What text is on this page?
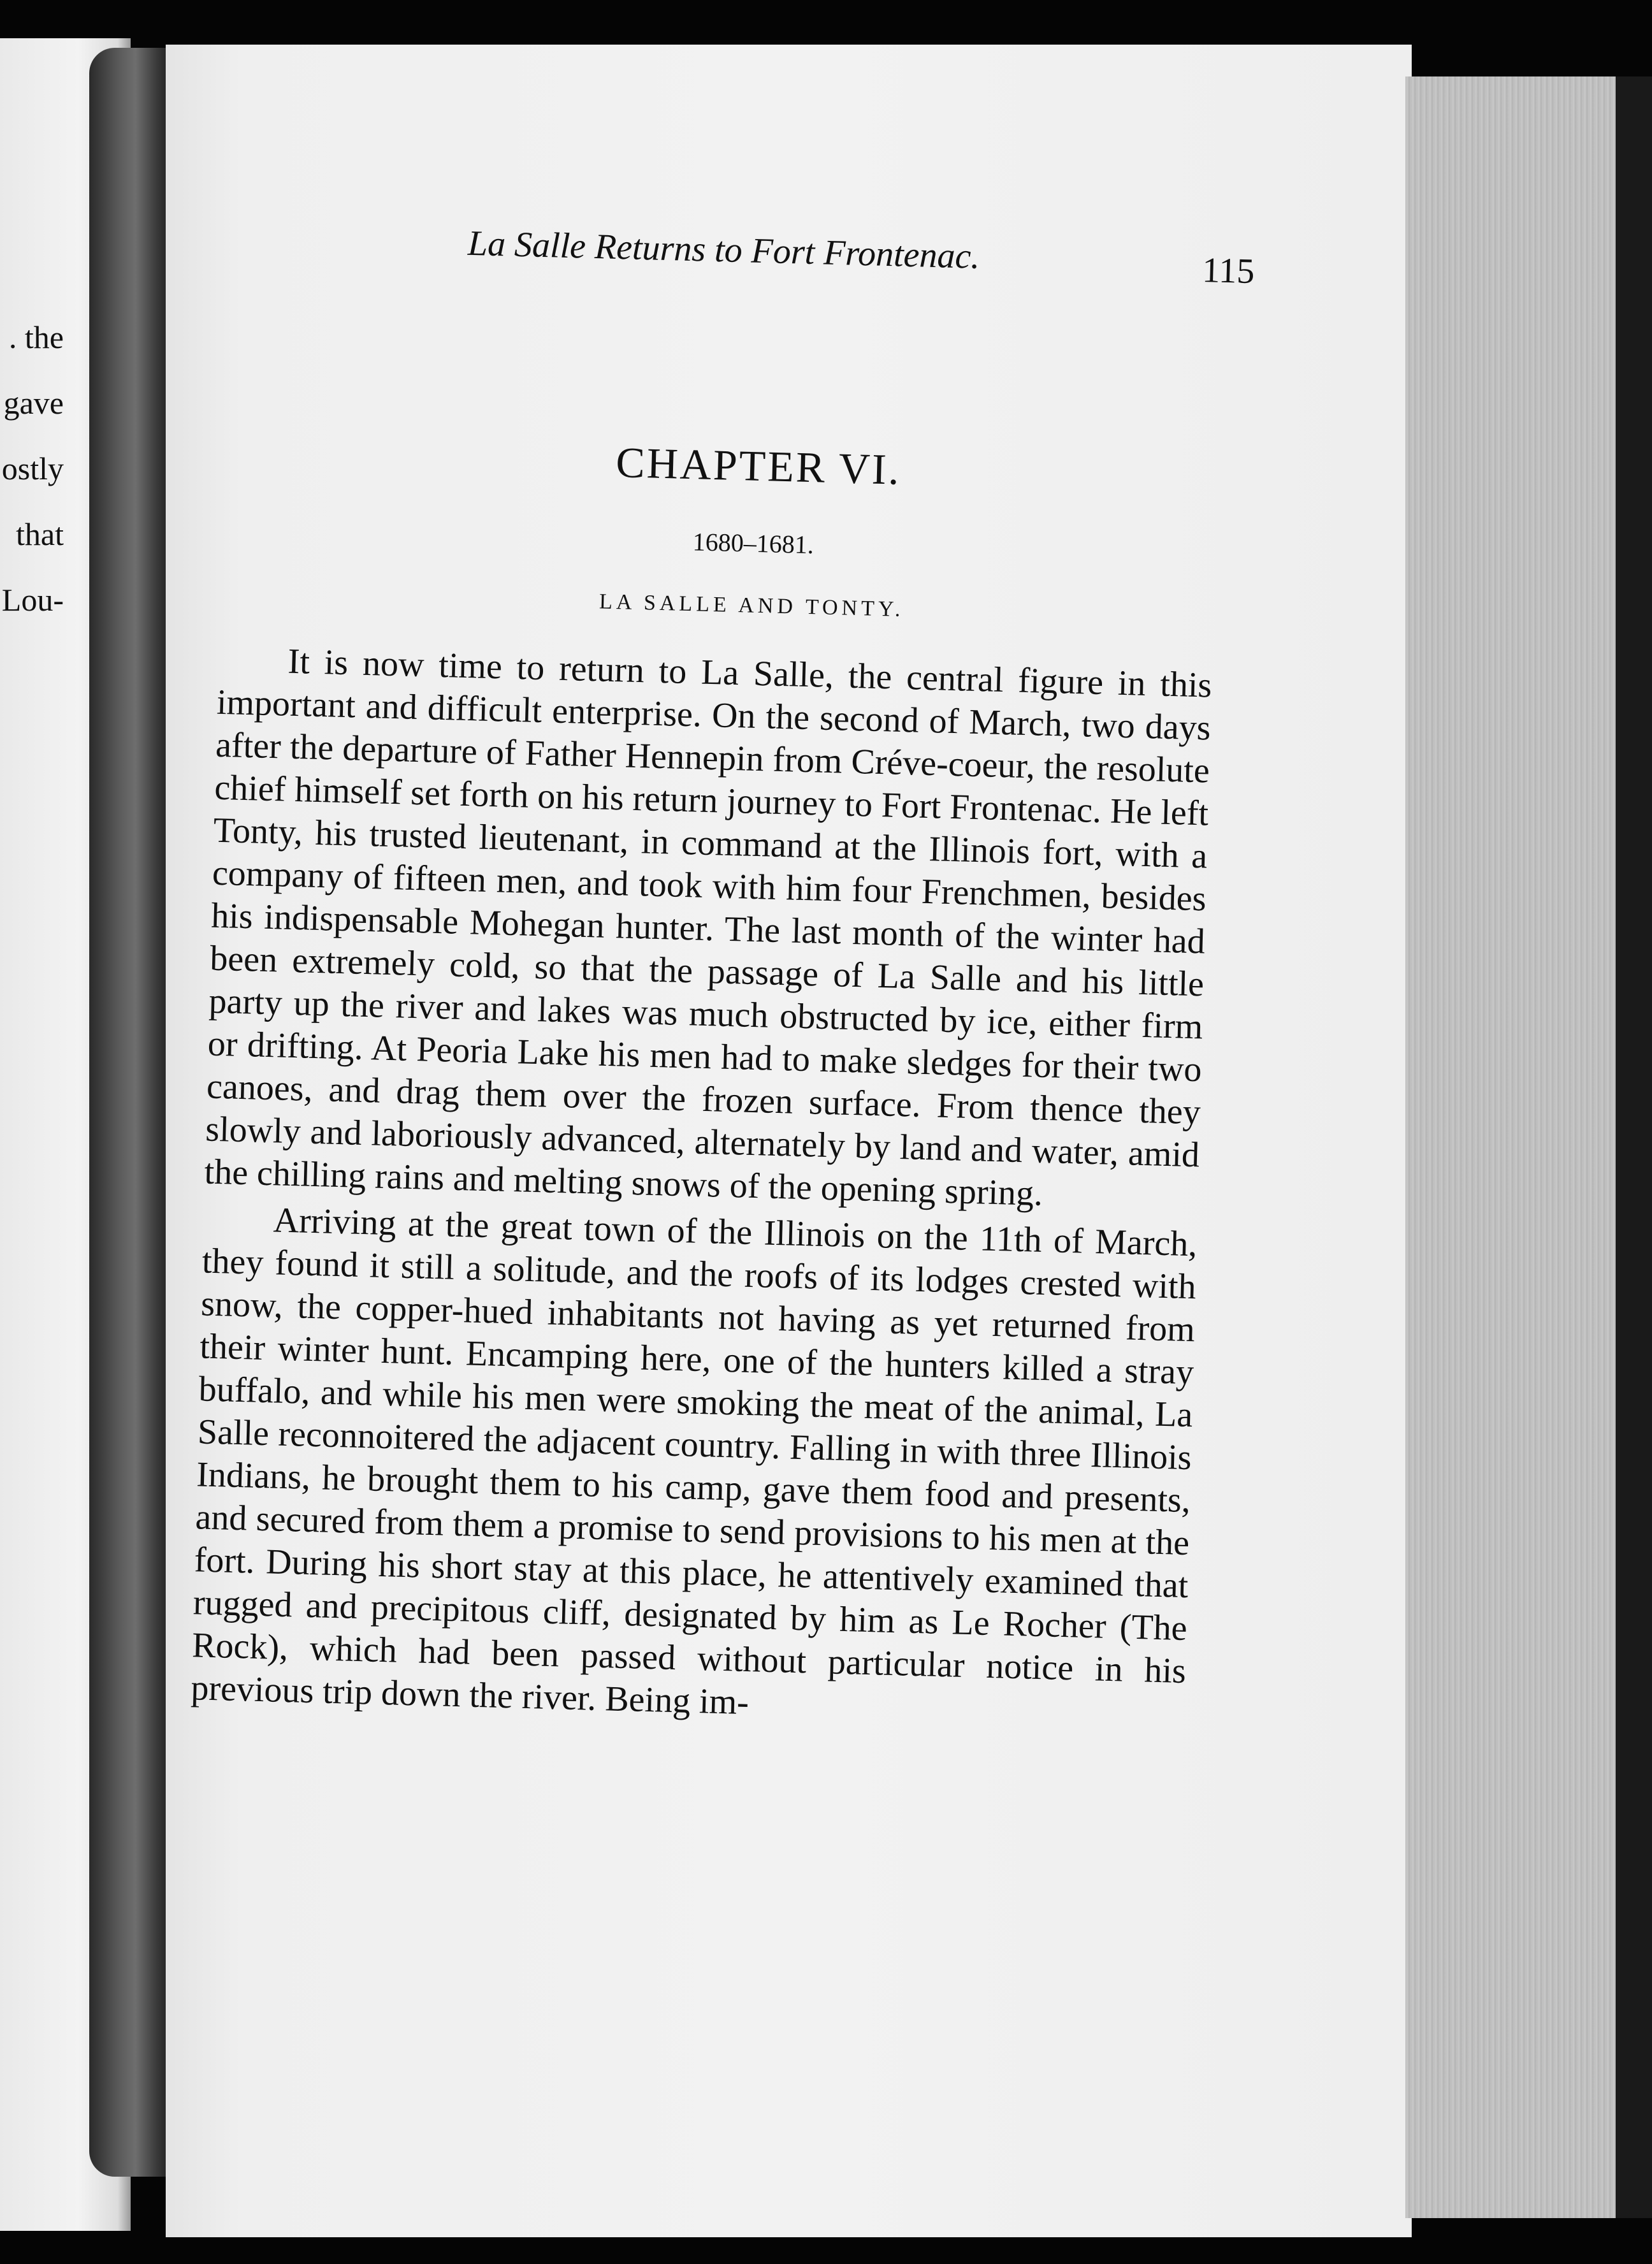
. the
gave
ostly
that
Lou-
La Salle Returns to Fort Frontenac.	115
CHAPTER VI.
1680–1681.
LA SALLE AND TONTY.

It is now time to return to La Salle, the central figure in this important and difficult enterprise. On the second of March, two days after the departure of Father Hennepin from Créve-coeur, the resolute chief himself set forth on his return journey to Fort Frontenac. He left Tonty, his trusted lieutenant, in command at the Illinois fort, with a company of fifteen men, and took with him four Frenchmen, besides his indispensable Mohegan hunter. The last month of the winter had been extremely cold, so that the passage of La Salle and his little party up the river and lakes was much obstructed by ice, either firm or drifting. At Peoria Lake his men had to make sledges for their two canoes, and drag them over the frozen surface. From thence they slowly and laboriously advanced, alternately by land and water, amid the chilling rains and melting snows of the opening spring.

Arriving at the great town of the Illinois on the 11th of March, they found it still a solitude, and the roofs of its lodges crested with snow, the copper-hued inhabitants not having as yet returned from their winter hunt. Encamping here, one of the hunters killed a stray buffalo, and while his men were smoking the meat of the animal, La Salle reconnoitered the adjacent country. Falling in with three Illinois Indians, he brought them to his camp, gave them food and presents, and secured from them a promise to send provisions to his men at the fort. During his short stay at this place, he attentively examined that rugged and precipitous cliff, designated by him as Le Rocher (The Rock), which had been passed without particular notice in his previous trip down the river. Being im-
